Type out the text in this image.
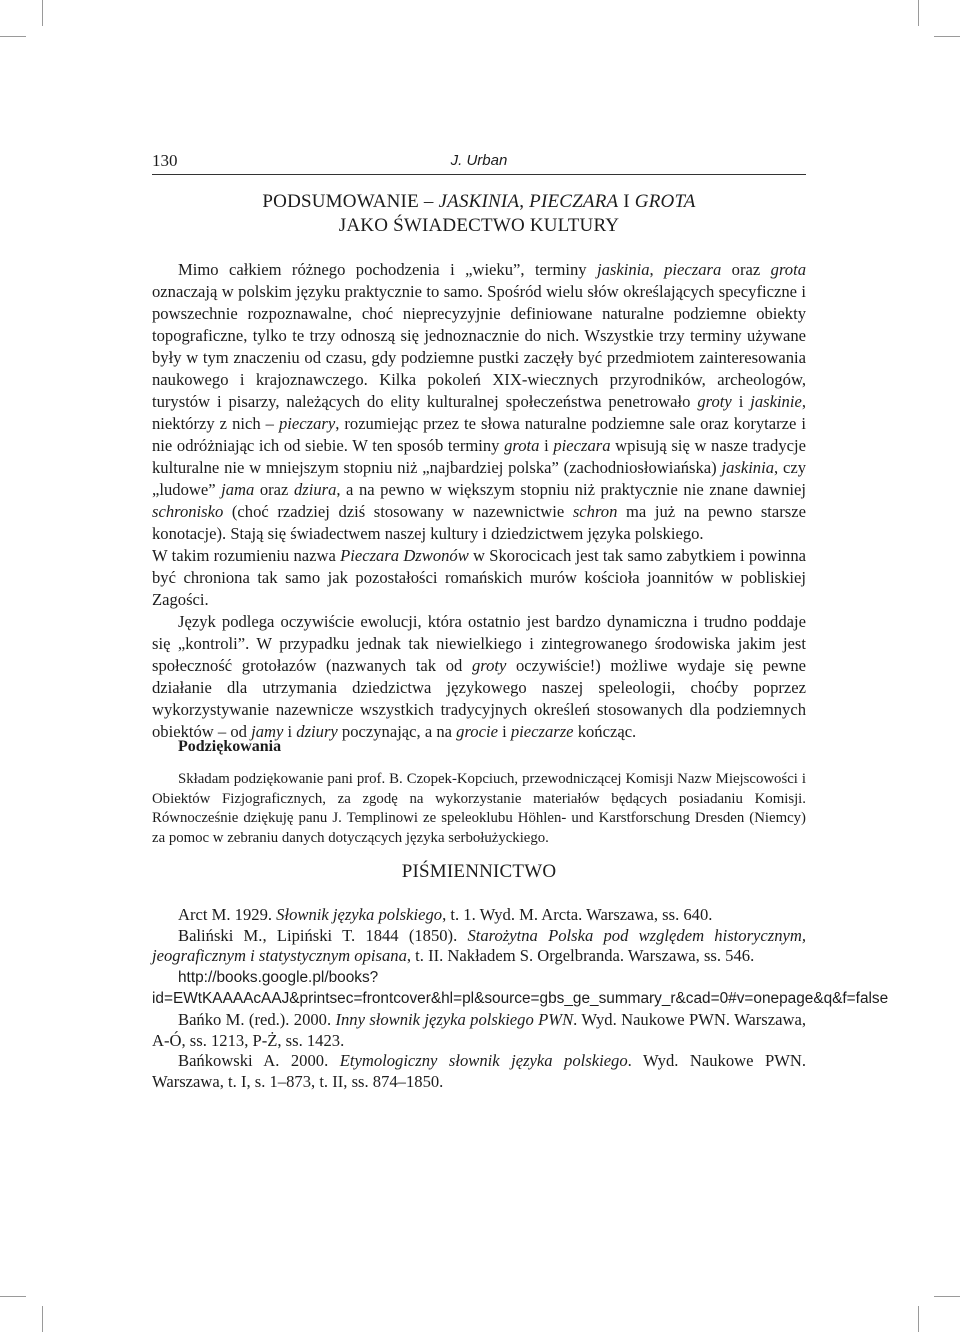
130	J. Urban
PODSUMOWANIE – JASKINIA, PIECZARA I GROTA
JAKO ŚWIADECTWO KULTURY

Mimo całkiem różnego pochodzenia i „wieku”, terminy jaskinia, pieczara oraz grota oznaczają w polskim języku praktycznie to samo. Spośród wielu słów określających specyficzne i powszechnie rozpoznawalne, choć nieprecyzyjnie definiowane naturalne podziemne obiekty topograficzne, tylko te trzy odnoszą się jednoznacznie do nich. Wszystkie trzy terminy używane były w tym znaczeniu od czasu, gdy podziemne pustki zaczęły być przedmiotem zainteresowania naukowego i krajoznawczego. Kilka pokoleń XIX-wiecznych przyrodników, archeologów, turystów i pisarzy, należących do elity kulturalnej społeczeństwa penetrowało groty i jaskinie, niektórzy z nich – pieczary, rozumiejąc przez te słowa naturalne podziemne sale oraz korytarze i nie odróżniając ich od siebie. W ten sposób terminy grota i pieczara wpisują się w nasze tradycje kulturalne nie w mniejszym stopniu niż „najbardziej polska” (zachodniosłowiańska) jaskinia, czy „ludowe” jama oraz dziura, a na pewno w większym stopniu niż praktycznie nie znane dawniej schronisko (choć rzadziej dziś stosowany w nazewnictwie schron ma już na pewno starsze konotacje). Stają się świadectwem naszej kultury i dziedzictwem języka polskiego.

W takim rozumieniu nazwa Pieczara Dzwonów w Skorocicach jest tak samo zabytkiem i powinna być chroniona tak samo jak pozostałości romańskich murów kościoła joannitów w pobliskiej Zagości.

Język podlega oczywiście ewolucji, która ostatnio jest bardzo dynamiczna i trudno poddaje się „kontroli”. W przypadku jednak tak niewielkiego i zintegrowanego środowiska jakim jest społeczność grotołazów (nazwanych tak od groty oczywiście!) możliwe wydaje się pewne działanie dla utrzymania dziedzictwa językowego naszej speleologii, choćby poprzez wykorzystywanie nazewnicze wszystkich tradycyjnych określeń stosowanych dla podziemnych obiektów – od jamy i dziury poczynając, a na grocie i pieczarze kończąc.

Podziękowania

Składam podziękowanie pani prof. B. Czopek-Kopciuch, przewodniczącej Komisji Nazw Miejscowości i Obiektów Fizjograficznych, za zgodę na wykorzystanie materiałów będących posiadaniu Komisji. Równocześnie dziękuję panu J. Templinowi ze speleoklubu Höhlen- und Karstforschung Dresden (Niemcy) za pomoc w zebraniu danych dotyczących języka serbołużyckiego.

PIŚMIENNICTWO

Arct M. 1929. Słownik języka polskiego, t. 1. Wyd. M. Arcta. Warszawa, ss. 640.

Baliński M., Lipiński T. 1844 (1850). Starożytna Polska pod względem historycznym, jeograficznym i statystycznym opisana, t. II. Nakładem S. Orgelbranda. Warszawa, ss. 546.

http://books.google.pl/books?id=EWtKAAAAcAAJ&printsec=frontcover&hl=pl&source=gbs_ge_summary_r&cad=0#v=onepage&q&f=false

Bańko M. (red.). 2000. Inny słownik języka polskiego PWN. Wyd. Naukowe PWN. Warszawa, A-Ó, ss. 1213, P-Ż, ss. 1423.

Bańkowski A. 2000. Etymologiczny słownik języka polskiego. Wyd. Naukowe PWN. Warszawa, t. I, s. 1–873, t. II, ss. 874–1850.
